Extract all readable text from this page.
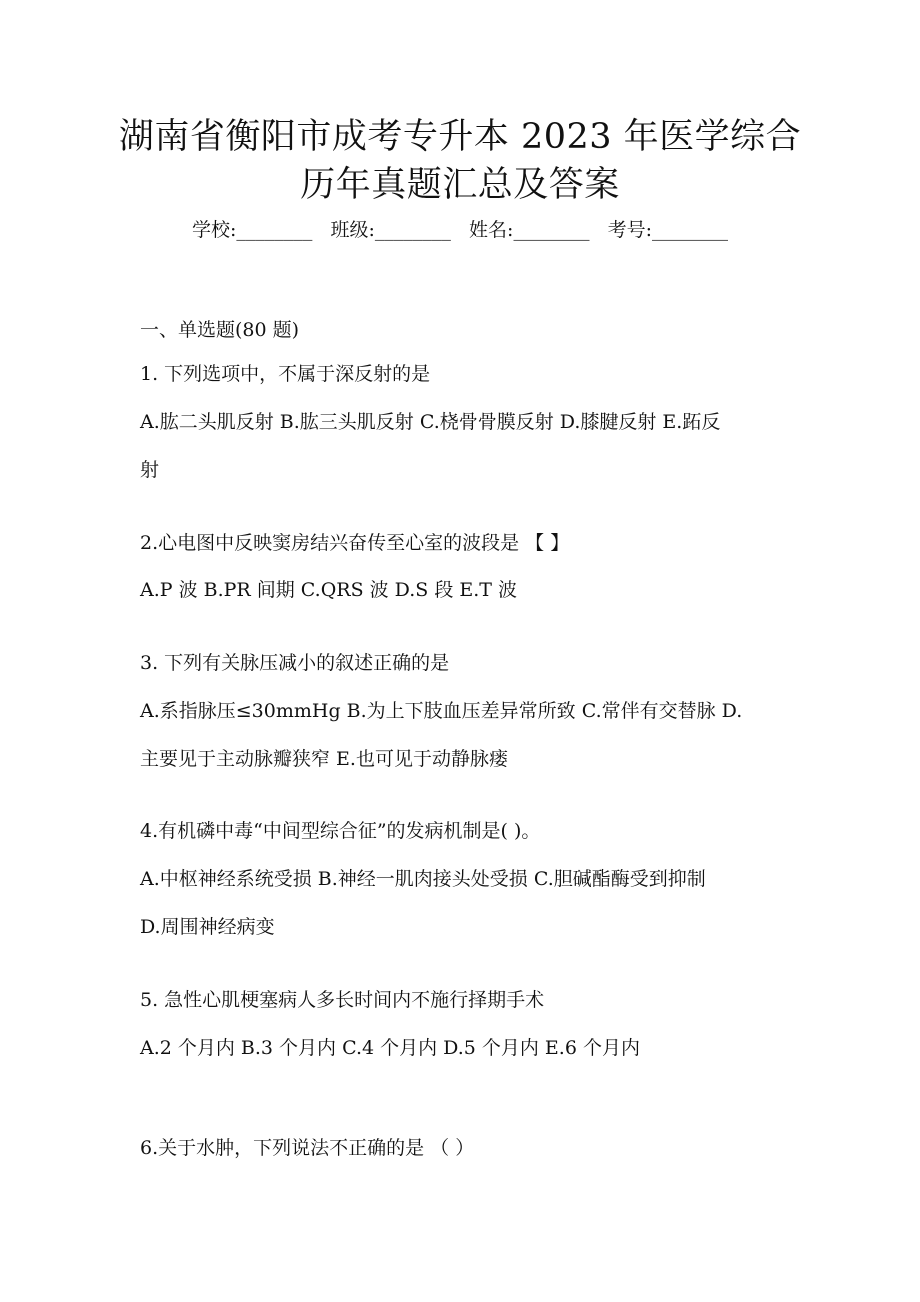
湖南省衡阳市成考专升本 2023 年医学综合
历年真题汇总及答案
学校:________   班级:________   姓名:________   考号:________
一、单选题(80 题)
1. 下列选项中，不属于深反射的是
A.肱二头肌反射 B.肱三头肌反射 C.桡骨骨膜反射 D.膝腱反射 E.跖反
射
2.心电图中反映窦房结兴奋传至心室的波段是 【 】
A.P 波 B.PR 间期 C.QRS 波 D.S 段 E.T 波
3. 下列有关脉压减小的叙述正确的是
A.系指脉压≤30mmHg B.为上下肢血压差异常所致 C.常伴有交替脉 D.
主要见于主动脉瓣狭窄 E.也可见于动静脉瘘
4.有机磷中毒“中间型综合征”的发病机制是( )。
A.中枢神经系统受损 B.神经一肌肉接头处受损 C.胆碱酯酶受到抑制
D.周围神经病变
5. 急性心肌梗塞病人多长时间内不施行择期手术
A.2 个月内 B.3 个月内 C.4 个月内 D.5 个月内 E.6 个月内
6.关于水肿，下列说法不正确的是 （ ）
